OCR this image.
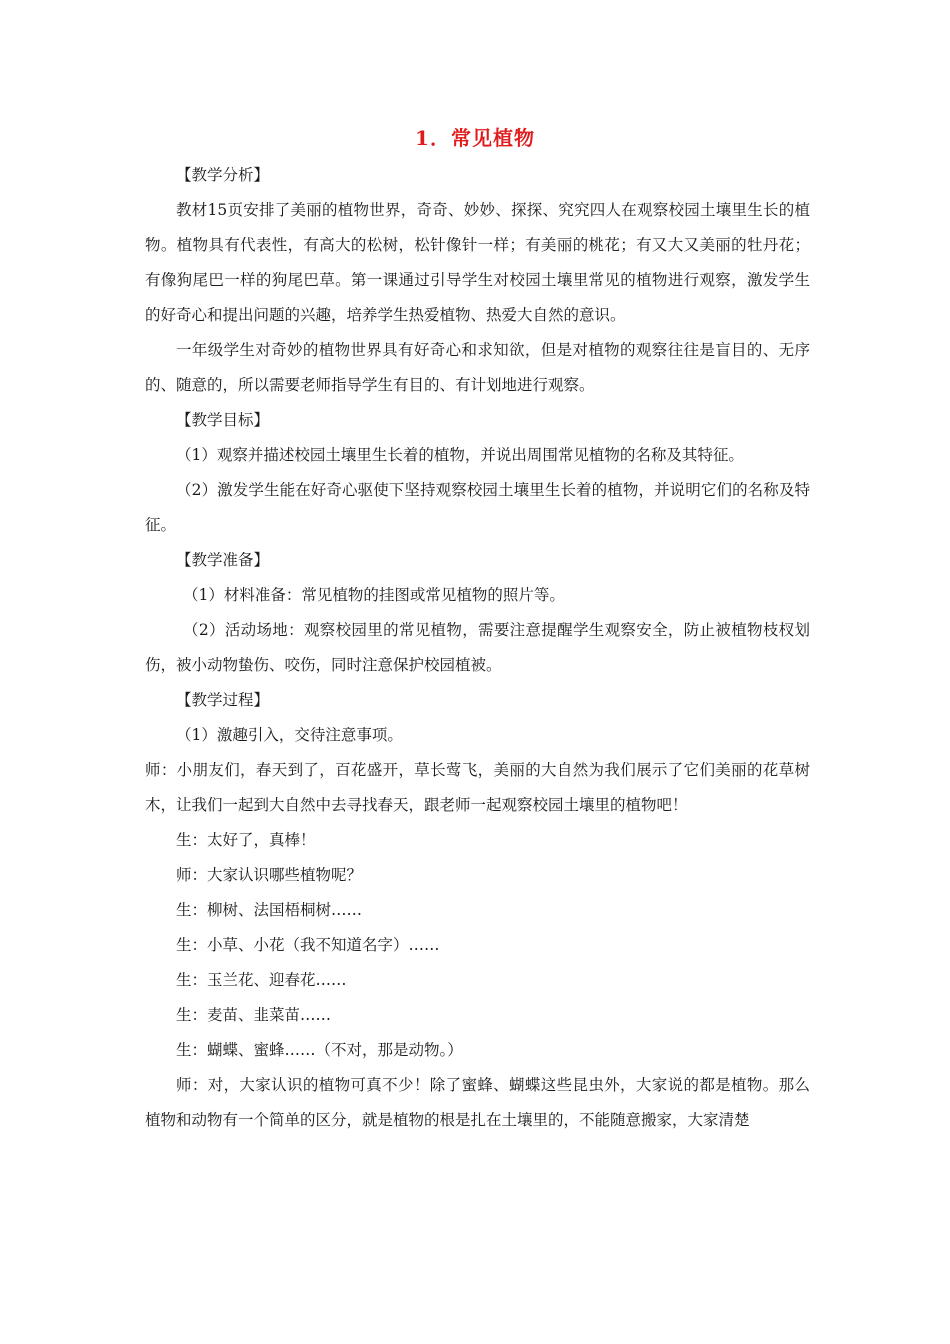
1．常见植物

【教学分析】

教材15页安排了美丽的植物世界，奇奇、妙妙、探探、究究四人在观察校园土壤里生长的植物。植物具有代表性，有高大的松树，松针像针一样；有美丽的桃花；有又大又美丽的牡丹花；有像狗尾巴一样的狗尾巴草。第一课通过引导学生对校园土壤里常见的植物进行观察，激发学生的好奇心和提出问题的兴趣，培养学生热爱植物、热爱大自然的意识。

一年级学生对奇妙的植物世界具有好奇心和求知欲，但是对植物的观察往往是盲目的、无序的、随意的，所以需要老师指导学生有目的、有计划地进行观察。

【教学目标】

（1）观察并描述校园土壤里生长着的植物，并说出周围常见植物的名称及其特征。

（2）激发学生能在好奇心驱使下坚持观察校园土壤里生长着的植物，并说明它们的名称及特征。

【教学准备】

（1）材料准备：常见植物的挂图或常见植物的照片等。

（2）活动场地：观察校园里的常见植物，需要注意提醒学生观察安全，防止被植物枝杈划伤，被小动物蛰伤、咬伤，同时注意保护校园植被。

【教学过程】

（1）激趣引入，交待注意事项。

师：小朋友们，春天到了，百花盛开，草长莺飞，美丽的大自然为我们展示了它们美丽的花草树木，让我们一起到大自然中去寻找春天，跟老师一起观察校园土壤里的植物吧！

生：太好了，真棒！

师：大家认识哪些植物呢？

生：柳树、法国梧桐树……

生：小草、小花（我不知道名字）……

生：玉兰花、迎春花……

生：麦苗、韭菜苗……

生：蝴蝶、蜜蜂……（不对，那是动物。）

师：对，大家认识的植物可真不少！除了蜜蜂、蝴蝶这些昆虫外，大家说的都是植物。那么植物和动物有一个简单的区分，就是植物的根是扎在土壤里的，不能随意搬家，大家清楚
